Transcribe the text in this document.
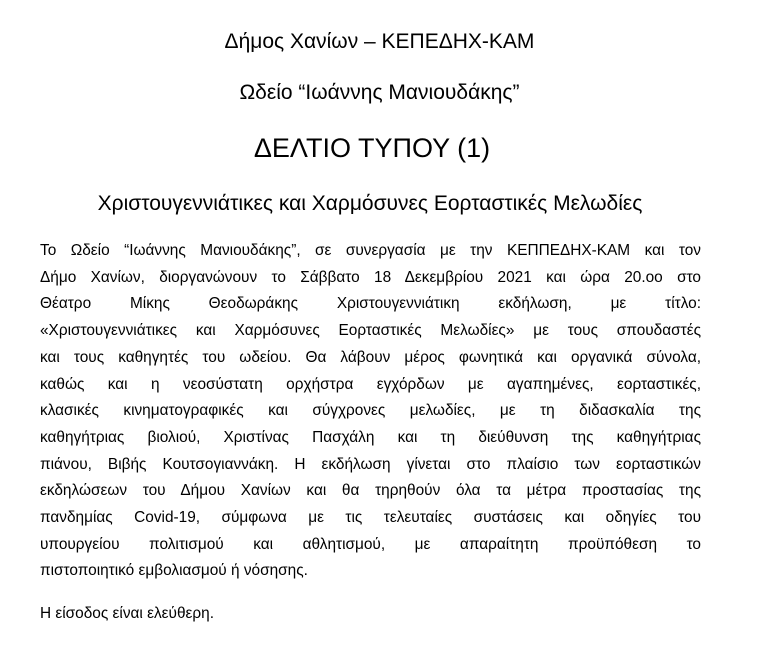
Δήμος Χανίων – ΚΕΠΕΔΗΧ-ΚΑΜ
Ωδείο “Ιωάννης Μανιουδάκης”
ΔΕΛΤΙΟ ΤΥΠΟΥ (1)
Χριστουγεννιάτικες και Χαρμόσυνες Εορταστικές Μελωδίες
Το Ωδείο “Ιωάννης Μανιουδάκης”, σε συνεργασία με την ΚΕΠΠΕΔΗΧ-ΚΑΜ και τον
Δήμο Χανίων, διοργανώνουν το Σάββατο 18 Δεκεμβρίου 2021 και ώρα 20.οο στο
Θέατρο Μίκης Θεοδωράκης Χριστουγεννιάτικη εκδήλωση, με τίτλο:
«Χριστουγεννιάτικες και Χαρμόσυνες Εορταστικές Μελωδίες» με τους σπουδαστές
και τους καθηγητές του ωδείου. Θα λάβουν μέρος φωνητικά και οργανικά σύνολα,
καθώς και η νεοσύστατη ορχήστρα εγχόρδων με αγαπημένες, εορταστικές,
κλασικές κινηματογραφικές και σύγχρονες μελωδίες, με τη διδασκαλία της
καθηγήτριας βιολιού, Χριστίνας Πασχάλη και τη διεύθυνση της καθηγήτριας
πιάνου, Βιβής Κουτσογιαννάκη. Η εκδήλωση γίνεται στο πλαίσιο των εορταστικών
εκδηλώσεων του Δήμου Χανίων και θα τηρηθούν όλα τα μέτρα προστασίας της
πανδημίας Covid-19, σύμφωνα με τις τελευταίες συστάσεις και οδηγίες του
υπουργείου πολιτισμού και αθλητισμού, με απαραίτητη προϋπόθεση το
πιστοποιητικό εμβολιασμού ή νόσησης.
Η είσοδος είναι ελεύθερη.
